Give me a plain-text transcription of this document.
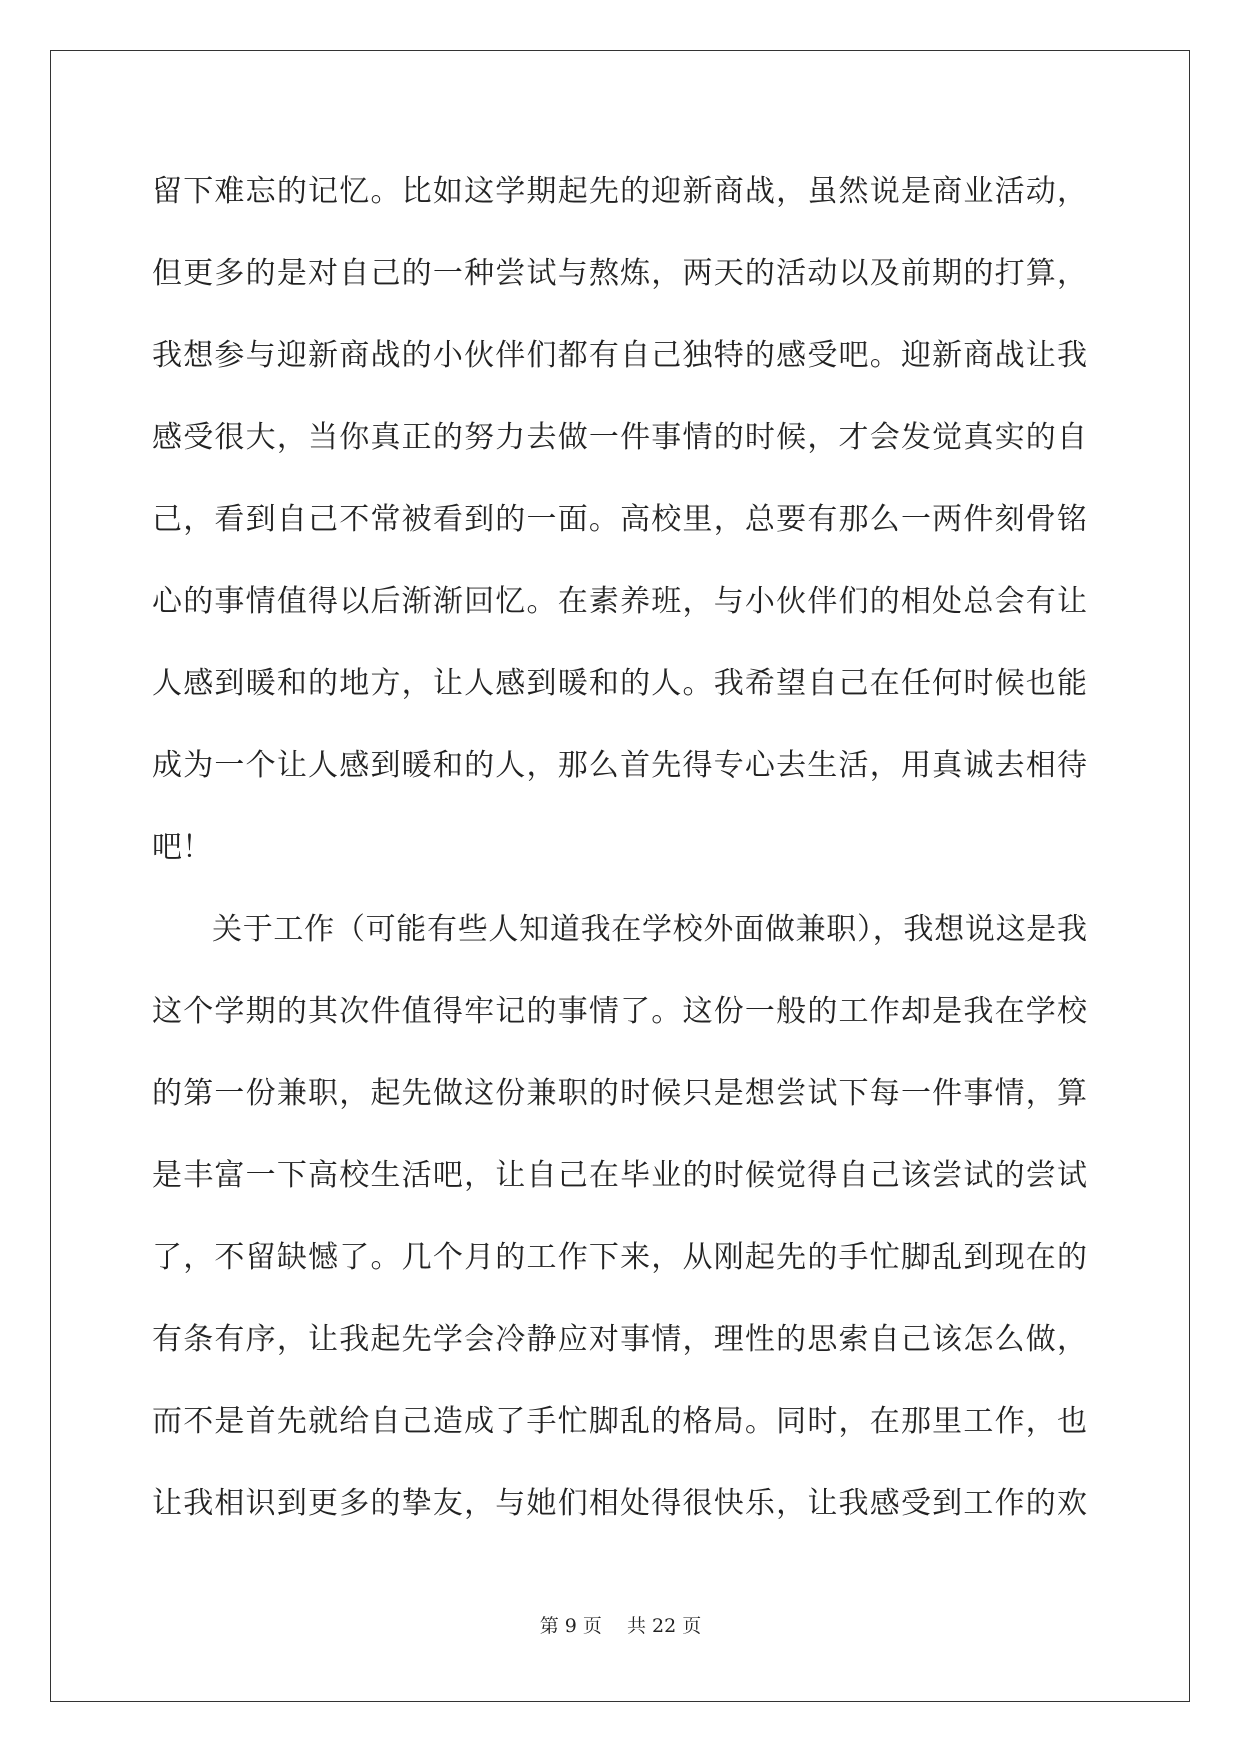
留下难忘的记忆。比如这学期起先的迎新商战，虽然说是商业活动，
但更多的是对自己的一种尝试与熬炼，两天的活动以及前期的打算，
我想参与迎新商战的小伙伴们都有自己独特的感受吧。迎新商战让我
感受很大，当你真正的努力去做一件事情的时候，才会发觉真实的自
己，看到自己不常被看到的一面。高校里，总要有那么一两件刻骨铭
心的事情值得以后渐渐回忆。在素养班，与小伙伴们的相处总会有让
人感到暖和的地方，让人感到暖和的人。我希望自己在任何时候也能
成为一个让人感到暖和的人，那么首先得专心去生活，用真诚去相待
吧！
关于工作（可能有些人知道我在学校外面做兼职），我想说这是我
这个学期的其次件值得牢记的事情了。这份一般的工作却是我在学校
的第一份兼职，起先做这份兼职的时候只是想尝试下每一件事情，算
是丰富一下高校生活吧，让自己在毕业的时候觉得自己该尝试的尝试
了，不留缺憾了。几个月的工作下来，从刚起先的手忙脚乱到现在的
有条有序，让我起先学会冷静应对事情，理性的思索自己该怎么做，
而不是首先就给自己造成了手忙脚乱的格局。同时，在那里工作，也
让我相识到更多的挚友，与她们相处得很快乐，让我感受到工作的欢
第 9 页　 共 22 页
